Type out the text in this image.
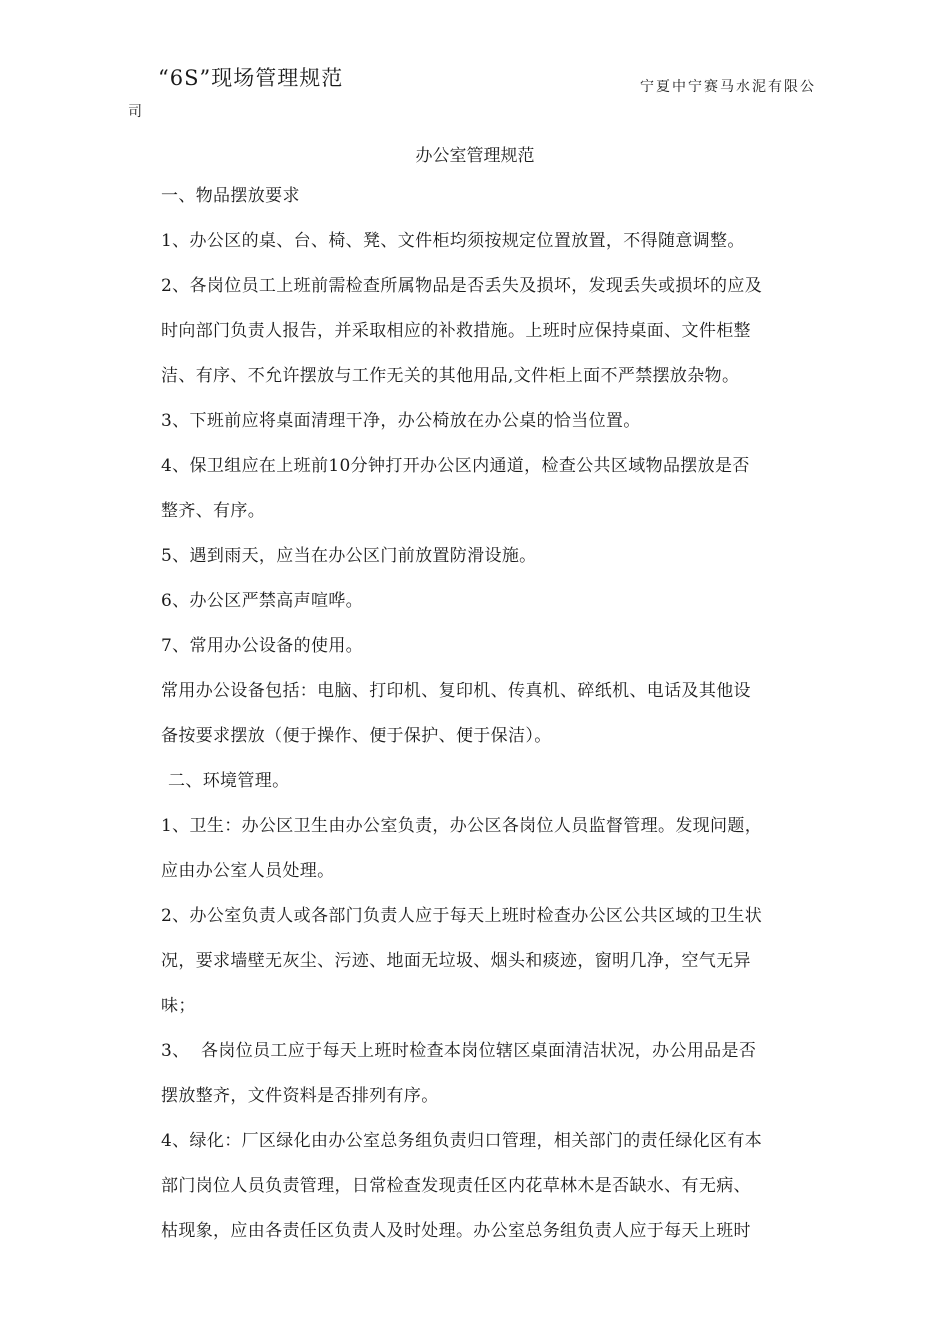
“6S”现场管理规范	宁夏中宁赛马水泥有限公
司
办公室管理规范
一、物品摆放要求
1、办公区的桌、台、椅、凳、文件柜均须按规定位置放置，不得随意调整。
2、各岗位员工上班前需检查所属物品是否丢失及损坏，发现丢失或损坏的应及
时向部门负责人报告，并采取相应的补救措施。上班时应保持桌面、文件柜整
洁、有序、不允许摆放与工作无关的其他用品,文件柜上面不严禁摆放杂物。
3、下班前应将桌面清理干净，办公椅放在办公桌的恰当位置。
4、保卫组应在上班前10分钟打开办公区内通道，检查公共区域物品摆放是否
整齐、有序。
5、遇到雨天，应当在办公区门前放置防滑设施。
6、办公区严禁高声喧哗。
7、常用办公设备的使用。
常用办公设备包括：电脑、打印机、复印机、传真机、碎纸机、电话及其他设
备按要求摆放（便于操作、便于保护、便于保洁）。
二、环境管理。
1、卫生：办公区卫生由办公室负责，办公区各岗位人员监督管理。发现问题，
应由办公室人员处理。
2、办公室负责人或各部门负责人应于每天上班时检查办公区公共区域的卫生状
况，要求墙壁无灰尘、污迹、地面无垃圾、烟头和痰迹，窗明几净，空气无异
味；
3、  各岗位员工应于每天上班时检查本岗位辖区桌面清洁状况，办公用品是否
摆放整齐，文件资料是否排列有序。
4、绿化：厂区绿化由办公室总务组负责归口管理，相关部门的责任绿化区有本
部门岗位人员负责管理，日常检查发现责任区内花草林木是否缺水、有无病、
枯现象，应由各责任区负责人及时处理。办公室总务组负责人应于每天上班时
